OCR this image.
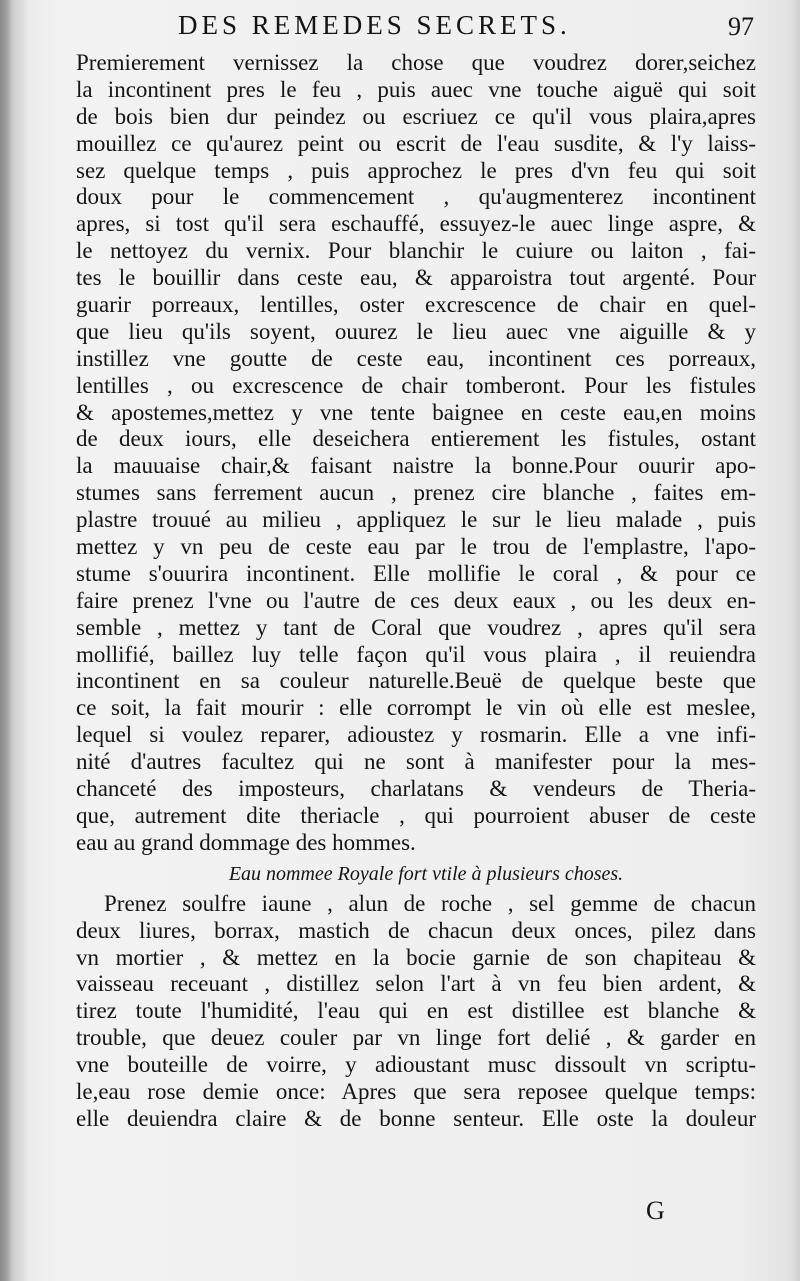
DES REMEDES SECRETS.	97
Premierement vernissez la chose que voudrez dorer,seichez
la incontinent pres le feu , puis auec vne touche aiguë qui soit
de bois bien dur peindez ou escriuez ce qu'il vous plaira,apres
mouillez ce qu'aurez peint ou escrit de l'eau susdite, & l'y laiss-
sez quelque temps , puis approchez le pres d'vn feu qui soit
doux pour le commencement , qu'augmenterez incontinent
apres, si tost qu'il sera eschauffé, essuyez-le auec linge aspre, &
le nettoyez du vernix. Pour blanchir le cuiure ou laiton , fai-
tes le bouillir dans ceste eau, & apparoistra tout argenté. Pour
guarir porreaux, lentilles, oster excrescence de chair en quel-
que lieu qu'ils soyent, ouurez le lieu auec vne aiguille & y
instillez vne goutte de ceste eau, incontinent ces porreaux,
lentilles , ou excrescence de chair tomberont. Pour les fistules
& apostemes,mettez y vne tente baignee en ceste eau,en moins
de deux iours, elle deseichera entierement les fistules, ostant
la mauuaise chair,& faisant naistre la bonne.Pour ouurir apo-
stumes sans ferrement aucun , prenez cire blanche , faites em-
plastre trouué au milieu , appliquez le sur le lieu malade , puis
mettez y vn peu de ceste eau par le trou de l'emplastre, l'apo-
stume s'ouurira incontinent. Elle mollifie le coral , & pour ce
faire prenez l'vne ou l'autre de ces deux eaux , ou les deux en-
semble , mettez y tant de Coral que voudrez , apres qu'il sera
mollifié, baillez luy telle façon qu'il vous plaira , il reuiendra
incontinent en sa couleur naturelle.Beuë de quelque beste que
ce soit, la fait mourir : elle corrompt le vin où elle est meslee,
lequel si voulez reparer, adioustez y rosmarin. Elle a vne infi-
nité d'autres facultez qui ne sont à manifester pour la mes-
chanceté des imposteurs, charlatans & vendeurs de Theria-
que, autrement dite theriacle , qui pourroient abuser de ceste
eau au grand dommage des hommes.
Eau nommee Royale fort vtile à plusieurs choses.
Prenez soulfre iaune , alun de roche , sel gemme de chacun
deux liures, borrax, mastich de chacun deux onces, pilez dans
vn mortier , & mettez en la bocie garnie de son chapiteau &
vaisseau receuant , distillez selon l'art à vn feu bien ardent, &
tirez toute l'humidité, l'eau qui en est distillee est blanche &
trouble, que deuez couler par vn linge fort delié , & garder en
vne bouteille de voirre, y adioustant musc dissoult vn scriptu-
le,eau rose demie once: Apres que sera reposee quelque temps:
elle deuiendra claire & de bonne senteur. Elle oste la douleur
G
